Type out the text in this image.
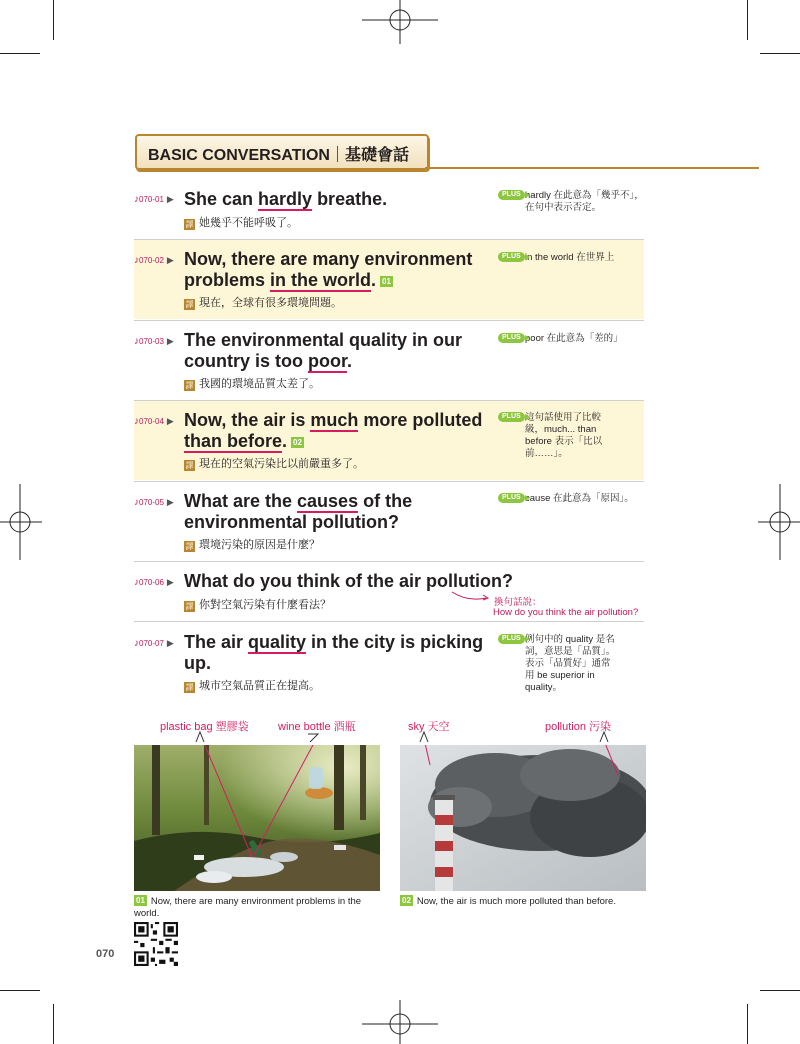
BASIC CONVERSATION 基礎會話
♪070-01 ▶ She can hardly breathe.
譯 她幾乎不能呼吸了。
PLUS hardly 在此意為「幾乎不」，在句中表示否定。
♪070-02 ▶ Now, there are many environment problems in the world. 01
譯 現在，全球有很多環境問題。
PLUS in the world 在世界上
♪070-03 ▶ The environmental quality in our country is too poor.
譯 我國的環境品質太差了。
PLUS poor 在此意為「差的」
♪070-04 ▶ Now, the air is much more polluted than before. 02
譯 現在的空氣污染比以前嚴重多了。
PLUS 這句話使用了比較級，much... than before 表示「比以前……」。
♪070-05 ▶ What are the causes of the environmental pollution?
譯 環境污染的原因是什麼？
PLUS cause 在此意為「原因」。
♪070-06 ▶ What do you think of the air pollution?
譯 你對空氣污染有什麼看法？	換句話說：
How do you think the air pollution?
♪070-07 ▶ The air quality in the city is picking up.
譯 城市空氣品質正在提高。
PLUS 例句中的 quality 是名詞，意思是「品質」。表示「品質好」通常用 be superior in quality。
plastic bag 塑膠袋	wine bottle 酒瓶	sky 天空	pollution 污染
01 Now, there are many environment problems in the world.
02 Now, the air is much more polluted than before.
070
